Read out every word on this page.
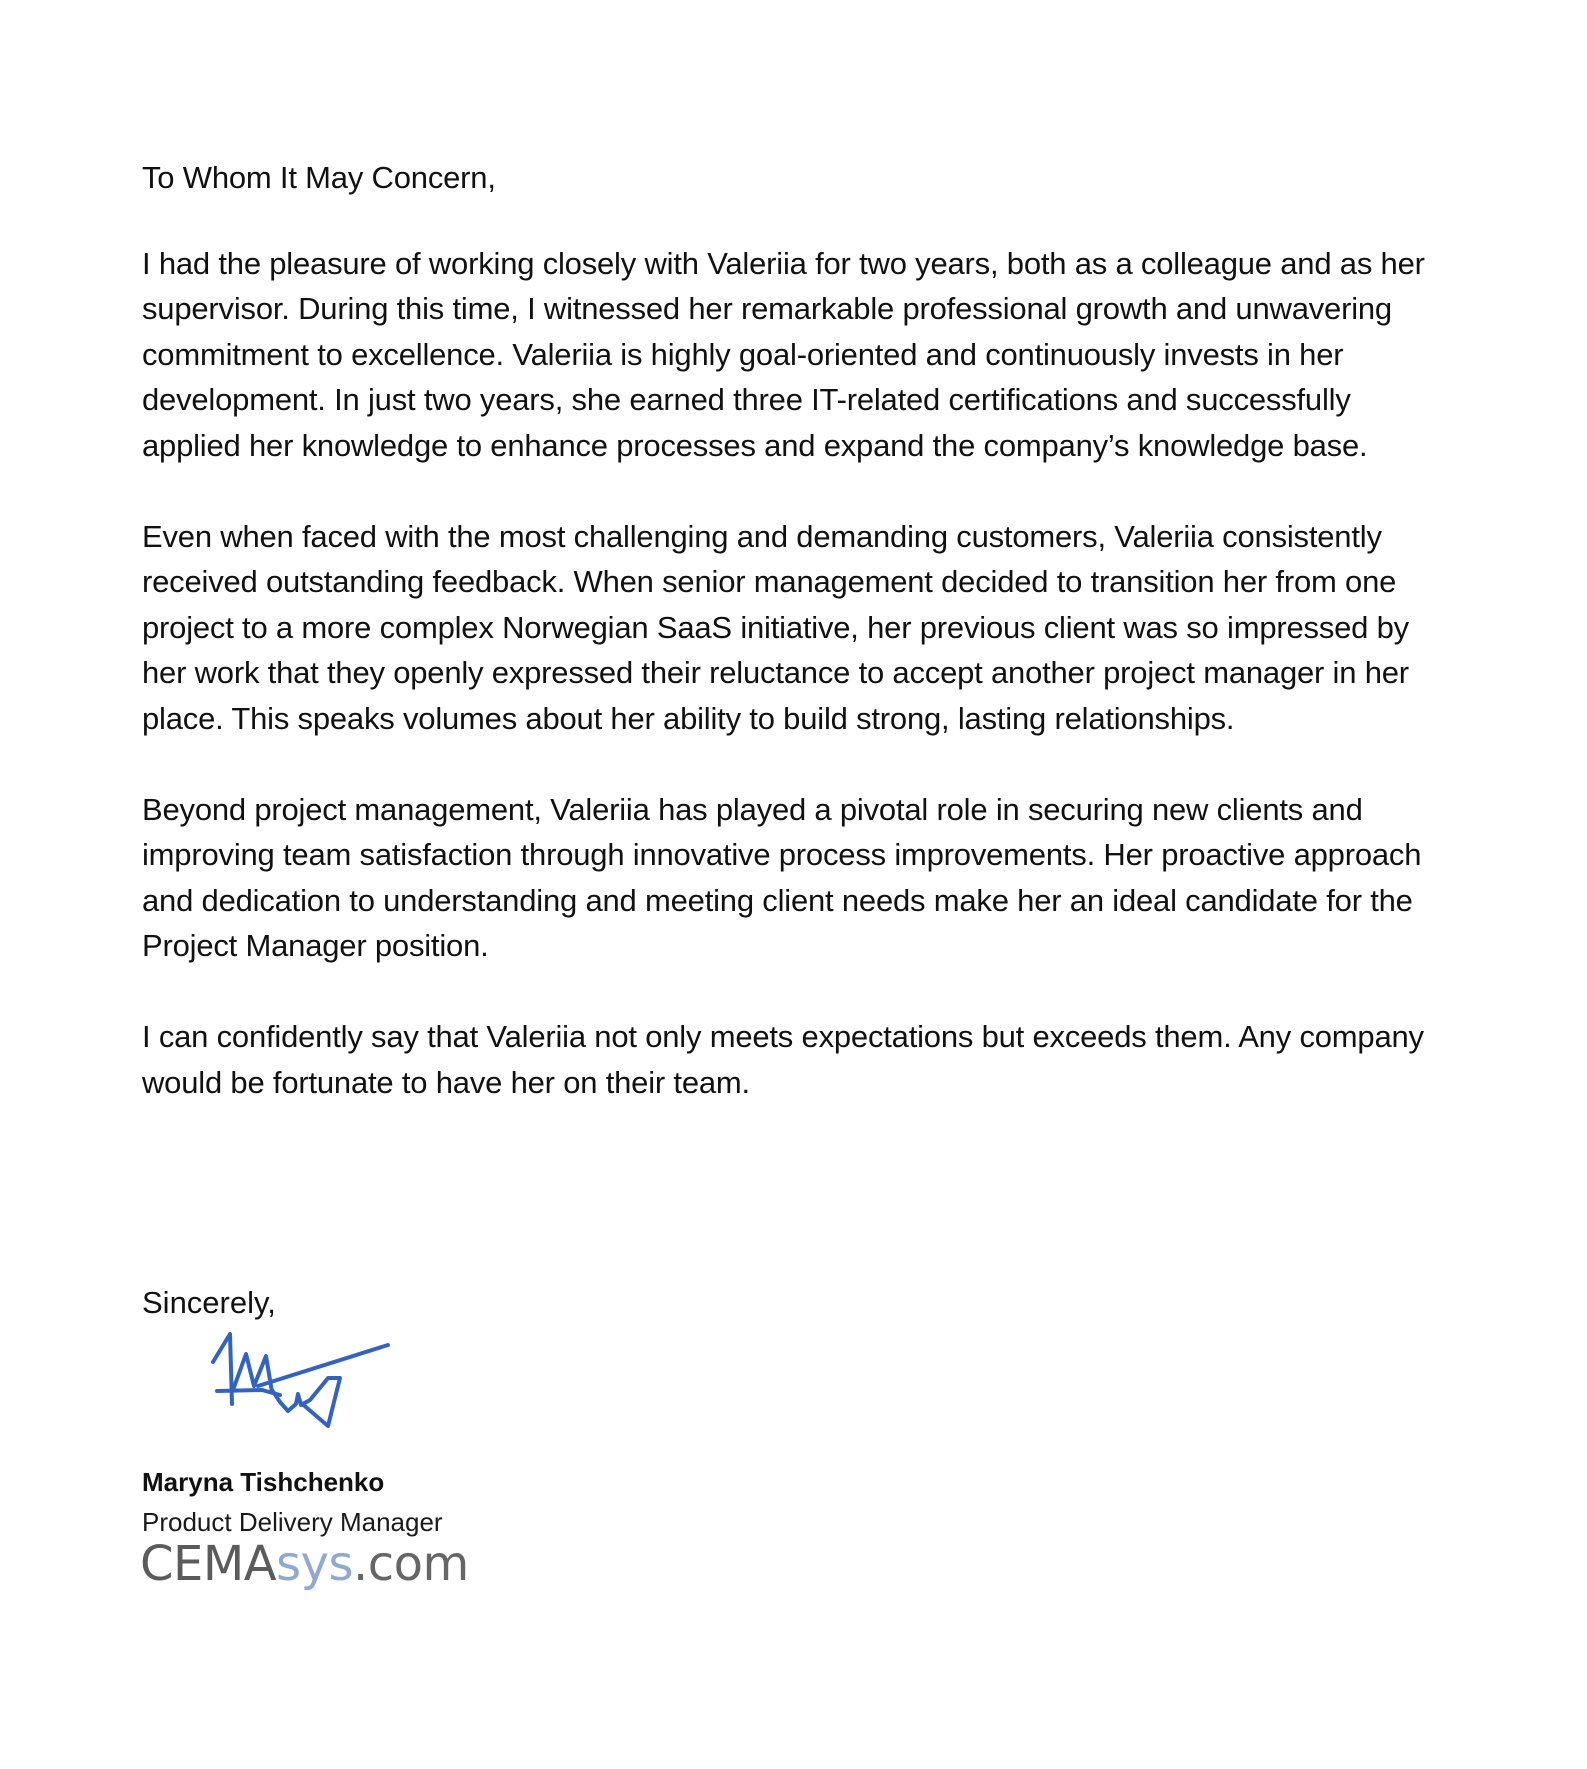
To Whom It May Concern,

I had the pleasure of working closely with Valeriia for two years, both as a colleague and as her supervisor. During this time, I witnessed her remarkable professional growth and unwavering commitment to excellence. Valeriia is highly goal-oriented and continuously invests in her development. In just two years, she earned three IT-related certifications and successfully applied her knowledge to enhance processes and expand the company’s knowledge base.

Even when faced with the most challenging and demanding customers, Valeriia consistently received outstanding feedback. When senior management decided to transition her from one project to a more complex Norwegian SaaS initiative, her previous client was so impressed by her work that they openly expressed their reluctance to accept another project manager in her place. This speaks volumes about her ability to build strong, lasting relationships.

Beyond project management, Valeriia has played a pivotal role in securing new clients and improving team satisfaction through innovative process improvements. Her proactive approach and dedication to understanding and meeting client needs make her an ideal candidate for the Project Manager position.

I can confidently say that Valeriia not only meets expectations but exceeds them. Any company would be fortunate to have her on their team.

Sincerely,
Maryna Tishchenko
Product Delivery Manager
CEMAsys.com
